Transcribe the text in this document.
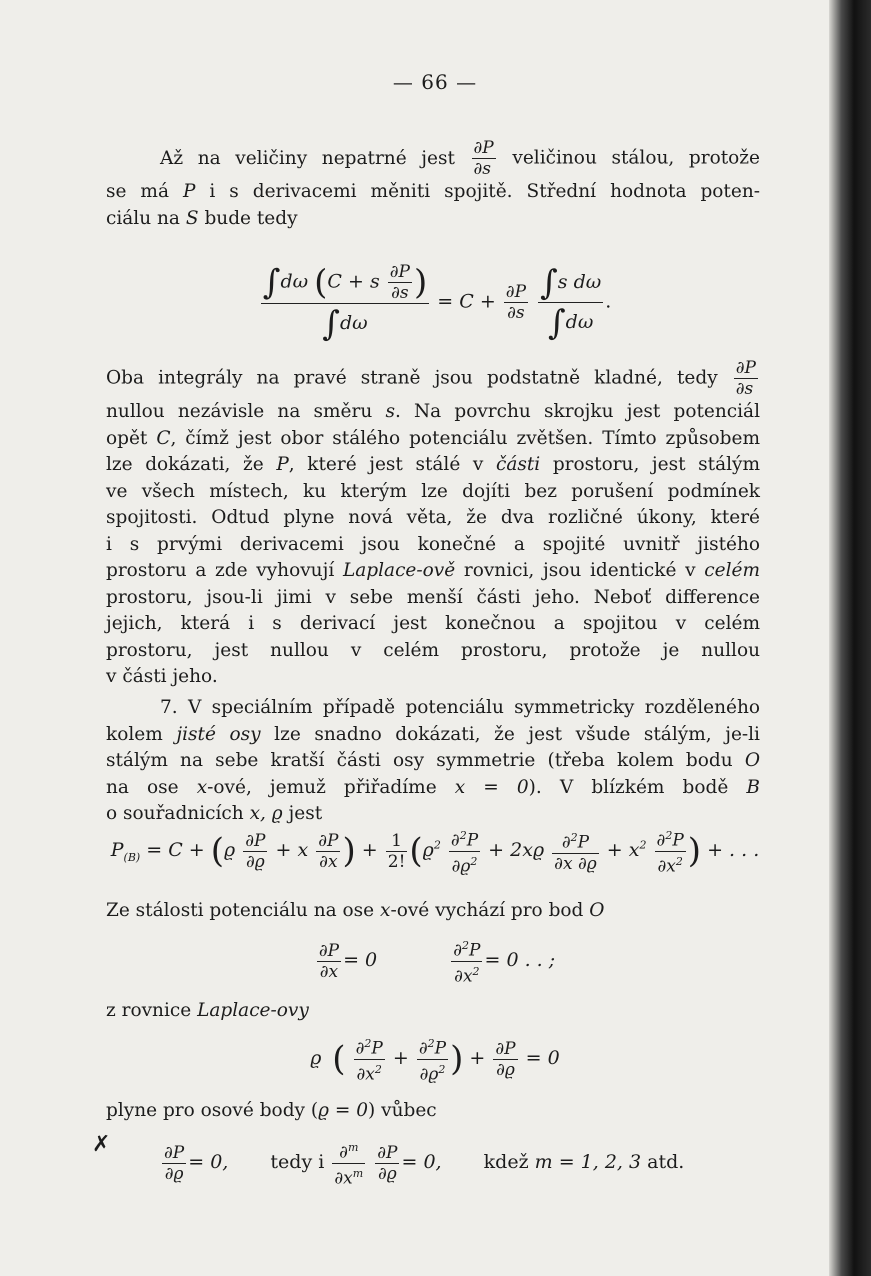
— 66 —
Až na veličiny nepatrné jest $\frac{\partial P}{\partial s}$ veličinou stálou, protože
se má P i s derivacemi měniti spojitě. Střední hodnota poten-
ciálu na S bude tedy
$\frac{\int d\omega (C + s \frac{\partial P}{\partial s} )}{\int d\omega} = C + \frac{\partial P}{\partial s}$
$\frac{\text{∫s dω}}{\int d\omega}$ .
Oba integrály na pravé straně jsou podstatně kladné, tedy $\frac{\partial P}{\partial s}$
nullou nezávisle na směru s. Na povrchu skrojku jest potenciál
opět C, čímž jest obor stálého potenciálu zvětšen. Tímto způsobem
lze dokázati, že P, které jest stálé v části prostoru, jest stálým
ve všech místech, ku kterým lze dojíti bez porušení podmínek
spojitosti. Odtud plyne nová věta, že dva rozličné úkony, které
i s prvými derivacemi jsou konečné a spojité uvnitř jistého
prostoru a zde vyhovují Laplace-ově rovnici, jsou identické v celém
prostoru, jsou-li jimi v sebe menší části jeho. Neboť difference
jejich, která i s derivací jest konečnou a spojitou v celém
prostoru, jest nullou v celém prostoru, protože je nullou
v části jeho.
7. V speciálním případě potenciálu symmetricky rozděleného
kolem jisté osy lze snadno dokázati, že jest všude stálým, je-li
stálým na sebe kratší části osy symmetrie (třeba kolem bodu O
na ose x-ové, jemuž přiřadíme x = 0). V blízkém bodě B
o souřadnicích x, ϱ jest
$P_{(B)} = C + (ϱ \frac{\partial P}{\partial ϱ} + x \frac{\partial P}{\partial x}$ ) + $\frac{1}{2!} (ϱ^2 \frac{\partial^2P}{\partial ϱ^2} + 2xϱ \frac{\partial^2P}{\partial x \partial ϱ} + x^2 \frac{\partial^2P}{\partial x^2}$ ) + . . .
Ze stálosti potenciálu na ose x-ové vychází pro bod O
$\frac{\partial P}{\partial x} = 0$	$\frac{\partial^2P}{\partial x^2} = 0$ . . ;
z rovnice Laplace-ovy
ϱ ( $\frac{\partial^2P}{\partial x^2} + \frac{\partial^2P}{\partial ϱ^2}$ ) + $\frac{\partial P}{\partial ϱ} = 0$
plyne pro osové body (ϱ = 0) vůbec
✗	$\frac{\partial P}{\partial ϱ} = 0$, tedy i $\frac{\partial^m}{\partial x^m}$
$\frac{\partial P}{\partial ϱ} = 0$, kdež m = 1, 2, 3 atd.
